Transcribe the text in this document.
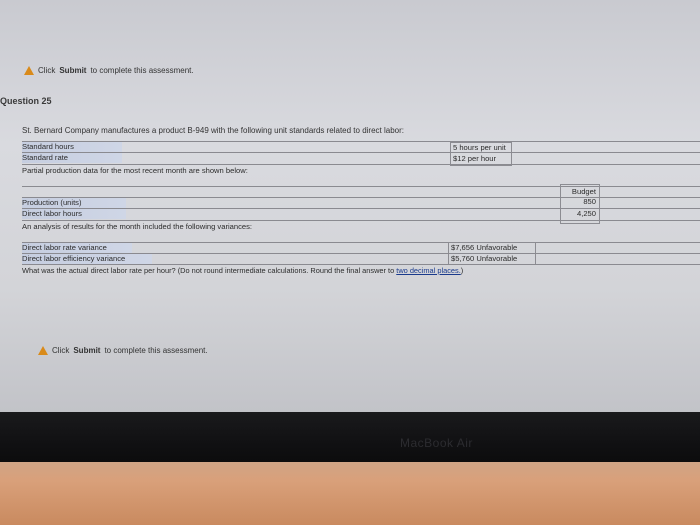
Click Submit to complete this assessment.
Question 25
St. Bernard Company manufactures a product B-949 with the following unit standards related to direct labor:
Standard hours	5 hours per unit
Standard rate	$12 per hour
Partial production data for the most recent month are shown below:
Budget
Production (units)	850
Direct labor hours	4,250
An analysis of results for the month included the following variances:
Direct labor rate variance	$7,656 Unfavorable
Direct labor efficiency variance	$5,760 Unfavorable
What was the actual direct labor rate per hour? (Do not round intermediate calculations. Round the final answer to two decimal places.)
Click Submit to complete this assessment.
MacBook Air
